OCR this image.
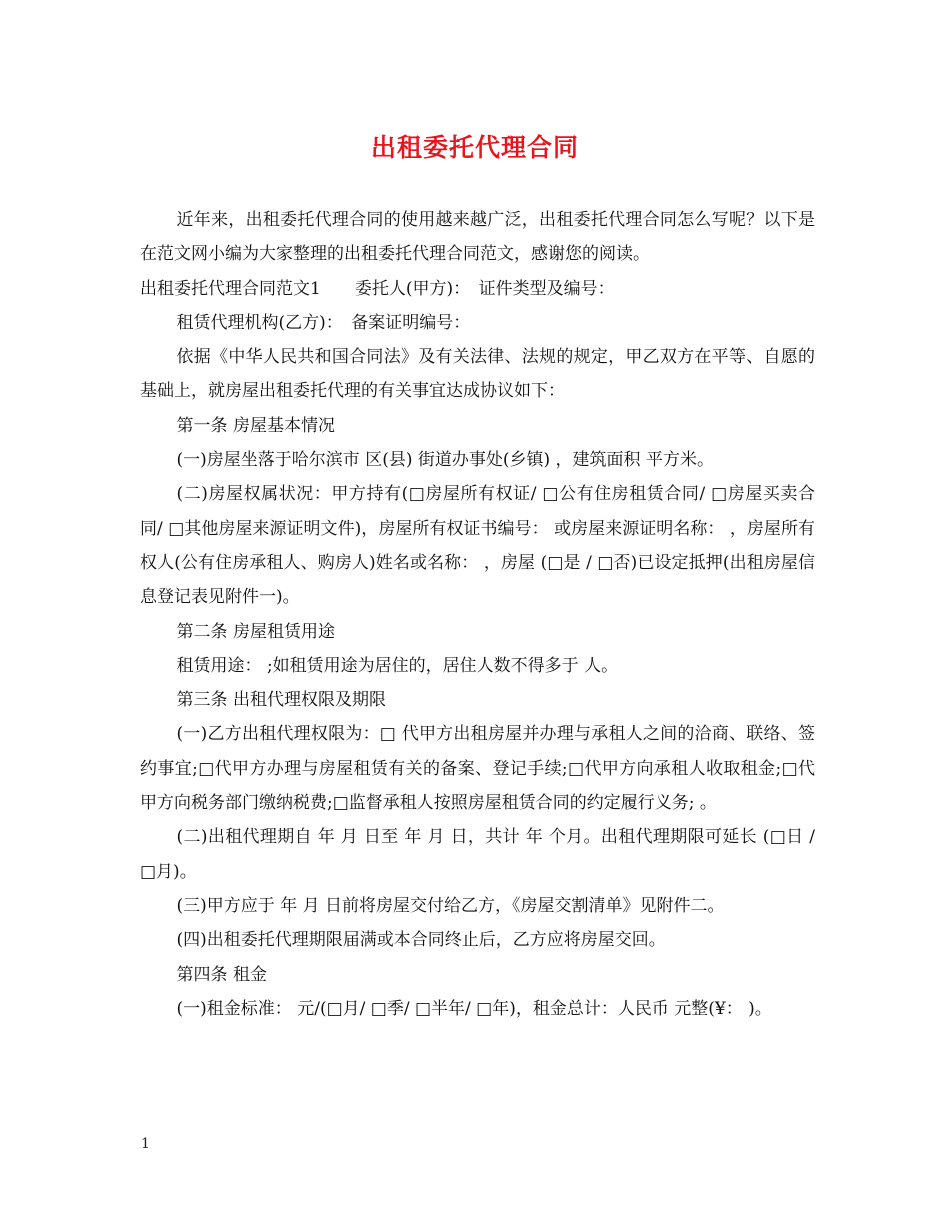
出租委托代理合同

近年来，出租委托代理合同的使用越来越广泛，出租委托代理合同怎么写呢？以下是在范文网小编为大家整理的出租委托代理合同范文，感谢您的阅读。

出租委托代理合同范文1　　委托人(甲方)：　证件类型及编号：

租赁代理机构(乙方)：　备案证明编号：

依据《中华人民共和国合同法》及有关法律、法规的规定，甲乙双方在平等、自愿的基础上，就房屋出租委托代理的有关事宜达成协议如下：

第一条 房屋基本情况

(一)房屋坐落于哈尔滨市 区(县) 街道办事处(乡镇) ，建筑面积 平方米。

(二)房屋权属状况：甲方持有(□房屋所有权证/ □公有住房租赁合同/ □房屋买卖合同/ □其他房屋来源证明文件)，房屋所有权证书编号： 或房屋来源证明名称： ，房屋所有权人(公有住房承租人、购房人)姓名或名称： ，房屋 (□是 / □否)已设定抵押(出租房屋信息登记表见附件一)。

第二条 房屋租赁用途

租赁用途： ;如租赁用途为居住的，居住人数不得多于 人。

第三条 出租代理权限及期限

(一)乙方出租代理权限为：□ 代甲方出租房屋并办理与承租人之间的洽商、联络、签约事宜;□代甲方办理与房屋租赁有关的备案、登记手续;□代甲方向承租人收取租金;□代甲方向税务部门缴纳税费;□监督承租人按照房屋租赁合同的约定履行义务; 。

(二)出租代理期自 年 月 日至 年 月 日，共计 年 个月。出租代理期限可延长 (□日 / □月)。

(三)甲方应于 年 月 日前将房屋交付给乙方，《房屋交割清单》见附件二。

(四)出租委托代理期限届满或本合同终止后，乙方应将房屋交回。

第四条 租金

(一)租金标准： 元/(□月/ □季/ □半年/ □年)，租金总计：人民币 元整(¥： )。

1
